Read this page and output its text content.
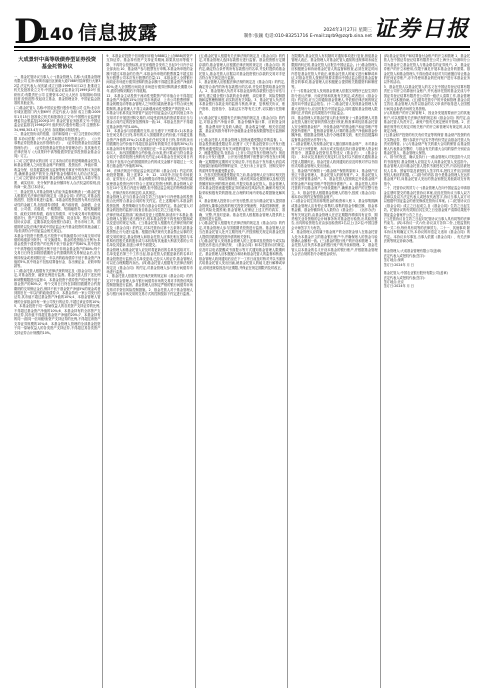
D
140 信息披露	2024年3月27日 星期三
制作:张颖 电话:010-83251716 E-mail:zqrb9@zqrb.sina.net 证券日报
大成景轩中高等级债券型证券投资基金托管协议

一、基金托管协议当事人 (一)基金管理人 名称:大成基金管理有限公司 住所:深圳市福田区深南大道7088号招商银行大厦32层 法定代表人:吴庆斌 成立日期:1999年4月12日 批准设立机关及批准设立文号:中国证监会证监基金字[1999]10号 组织形式:有限责任公司 注册资本:2亿元人民币 存续期间:持续经营 经营范围:发起设立基金、基金管理业务、中国证监会批准的其他业务。

(二)基金托管人 名称:中国农业银行股份有限公司 住所:北京市东城区建国门内大街69号 法定代表人:谷澍 成立日期:2009年1月15日 批准设立机关和批准设立文号:中国银行业监督管理委员会银监复[2009]13号 基金托管业务批准文号:中国证监会证监基字[1998]23号 组织形式:股份有限公司 注册资本:34,998,303.4万元人民币 存续期间:持续经营。

二、基金托管协议的依据、目的和原则 (一)订立托管协议的依据 本协议依据《中华人民共和国证券投资基金法》、《公开募集证券投资基金运作管理办法》、《证券投资基金信息披露管理办法》、《证券投资基金托管业务管理办法》及其他有关法律法规与《大成景轩中高等级债券型证券投资基金基金合同》订立。

(二)订立托管协议的目的 订立本协议的目的是明确基金托管人和基金管理人之间在基金财产的保管、投资运作、净值计算、收益分配、信息披露及相互监督等相关事宜中的权利义务及职责,确保基金财产的安全,保护基金份额持有人的合法权益。(三)订立托管协议的原则 基金管理人和基金托管人本着平等自愿、诚实信用、充分保护基金份额持有人合法权益的原则,经协商一致,签订本协议。

三、基金托管人对基金管理人的业务监督和核查 (一)基金托管人根据有关法律法规的规定及《基金合同》的约定,对基金投资范围、投资对象进行监督。本基金的投资范围为具有良好流动性的金融工具,包括债券(国债、地方政府债、金融债、企业债、公司债、次级债、中期票据、短期融资券、超短期融资券、政府支持机构债、政府支持债券、可分离交易可转债的纯债部分)、资产支持证券、债券回购、同业存单、银行存款(包括协议存款、定期存款及其他银行存款)、货币市场工具、国债期货以及法律法规或中国证监会允许基金投资的其他金融工具(但须符合中国证监会相关规定)。

本基金不投资于股票,也不投资于可转换债券(可分离交易可转债的纯债部分除外)、可交换债券。基金的投资组合比例为:本基金投资于债券资产的比例不低于基金资产的80%,其中投资于中高等级信用债的比例不低于非现金基金资产的80%;每个交易日日终在扣除国债期货合约需缴纳的交易保证金后,应当保持现金或者到期日在一年以内的政府债券不低于基金资产净值的5%,其中现金不包括结算备付金、存出保证金、应收申购款等。

(二)基金托管人根据有关法律法规的规定及《基金合同》的约定,对基金投资、融资比例进行监督。基金托管人按下述比例和调整期限进行监督:1、本基金投资于债券资产的比例不低于基金资产的80%;2、每个交易日日终在扣除国债期货合约需缴纳的交易保证金后,保持不低于基金资产净值5%的现金或者到期日在一年以内的政府债券;3、本基金持有一家公司发行的证券,其市值不超过基金资产净值的10%;4、本基金管理人管理的全部基金持有一家公司发行的证券,不超过该证券的10%;5、本基金投资于同一原始权益人的各类资产支持证券的比例,不得超过基金资产净值的10%;6、本基金持有的全部资产支持证券,其市值不得超过基金资产净值的20%;7、本基金持有的同一(指同一信用级别)资产支持证券的比例,不得超过该资产支持证券规模的10%;8、本基金管理人管理的全部基金投资于同一原始权益人的各类资产支持证券,不得超过其各类资产支持证券合计规模的10%。

9、本基金应投资于信用级别评级为BBB以上(含BBB)的资产支持证券。基金持有资产支持证券期间,如果其信用等级下降、不再符合投资标准,应在评级报告发布之日起3个月内予以全部卖出;10、基金财产参与股票发行申购,本基金所申报的金额不超过本基金的总资产,本基金所申报的股票数量不超过拟发行股票公司本次发行股票的总量;11、本基金进入全国银行间同业市场进行债券回购的资金余额不得超过基金资产净值的40%;进入全国银行间同业市场进行债券回购的最长期限为1年,债券回购到期后不得展期。

12、本基金主动投资于流动性受限资产的市值合计不得超过基金资产净值的15%;因证券市场波动、上市公司股票停牌、基金规模变动等基金管理人之外的因素致使基金不符合该比例限制的,基金管理人不得主动新增流动性受限资产的投资;13、本基金与私募类证券资管产品及中国证监会认定的其他主体为交易对手开展逆回购交易的,可接受质押品的资质要求应当与基金合同约定的投资范围保持一致;14、本基金总资产不得超过基金净资产的140%。

15、本基金参与国债期货交易,应当遵守下列要求:(1)本基金在任何交易日日终,持有的买入国债期货合约价值,不得超过基金资产净值的15%;(2)本基金在任何交易日日终,持有的卖出国债期货合约价值不得超过基金持有的债券总市值的30%;(3)本基金所持有的债券(不含到期日在一年以内的政府债券)市值和买入、卖出国债期货合约价值,合计(轧差计算)应当符合基金合同关于债券投资比例的有关约定;(4)本基金在任何交易日内交易(不包括平仓)的国债期货合约的成交金额不得超过上一交易日基金资产净值的30%。

16、法律法规及中国证监会规定的和《基金合同》约定的其他投资限制。除上述第2、9、12、13项外,因证券市场波动、证券发行人合并、基金规模变动等基金管理人之外的因素致使基金投资比例不符合上述规定投资比例的,基金管理人应当在10个交易日内进行调整,但中国证监会规定的特殊情形除外。法律法规另有规定的,从其规定。

基金管理人应当自基金合同生效之日起6个月内使基金的投资组合比例符合基金合同的有关约定。在上述期间内,本基金的投资范围、投资策略应当符合基金合同的约定。基金托管人对基金的投资的监督与检查自基金合同生效之日起开始。

法律法规或监管部门取消或变更上述限制,如适用于本基金,基金管理人在履行适当程序后,则本基金投资不再受相关限制或以变更后的规定为准。(三)基金托管人根据有关法律法规的规定及《基金合同》的约定,对本托管协议第十五条第九款基金投资禁止行为进行监督。根据法律法规有关基金禁止从事的关联交易的规定,基金管理人和基金托管人应事先相互提供与本机构有控股关系的股东或与本机构有其他重大利害关系的公司名单及其更新,加盖公章并书面提交。

基金管理人和基金托管人应及时将更新后的名单发送给对方。名单变更后第三个工作日起,基金托管人依据更新后的名单对基金投资进行监督;在名单变更前,已经买入的证券,基金管理人可以在合理期限内卖出。(四)基金托管人根据有关法律法规的规定及《基金合同》的约定,对基金管理人参与银行间债券市场进行监督。

1、基金托管人依据有关法律法规的规定和《基金合同》的约定对于基金管理人参与银行间债券市场的交易对手的资信风险控制措施进行监督。基金管理人应制定严格的银行间债券市场交易对手资信风险控制措施。2、基金托管人对于基金管理人参与银行间市场交易的交易方式的控制按如下约定进行监督。

(五)基金托管人根据有关法律法规的规定及《基金合同》的约定,对基金管理人选择存款银行进行监督。基金投资银行定期存款的,基金管理人应根据法律法规的规定及《基金合同》的约定,确定符合条件的所有存款银行的名单,并及时提供给基金托管人,基金托管人应据以对基金投资银行存款的交易对手是否符合有关规定进行监督。

1、基金管理人应根据法律法规的规定及《基金合同》的约定,确定符合条件的所有存款银行的名单,并及时提供给基金托管人。2、基金管理人负责对本基金选择的存款银行进行评估与研究,建立健全银行存款的业务流程、岗位职责、风险控制措施和监察稽核制度,切实防范有关风险。3、基金托管人负责对本基金银行存款业务的监督与核查,审查、复核相关协议、账户资料、投资指令、存款证实书等有关文件,切实履行托管职责。

(六)基金托管人根据有关法律法规的规定及《基金合同》的约定,对基金资产净值计算、基金份额净值计算、应收资金到账、基金费用开支及收入确定、基金收益分配、相关信息披露、基金宣传推介材料中登载基金业绩表现数据等进行监督和核查。

(七)基金托管人对基金管理人投资流通受限证券的监督。1、基金投资流通受限证券,应遵守《关于基金投资非公开发行股票等流通受限证券有关问题的通知》等有关法律法规规定。2、流通受限证券,包括由《上市公司证券发行管理办法》规范的非公开发行股票、公开发行股票网下配售部分等在发行时明确一定期限锁定期的可交易证券,不包括由于发布重大消息或其他原因而临时停牌的证券、已发行未上市证券、回购交易中的质押券等流通受限证券。

3、在首次投资流通受限证券之前,基金管理人应当制订相关投资决策流程、风险控制制度、流动性风险处置预案以及相关投资额度和比例的情况说明,并提交给基金托管人。基金管理人对本基金投资流通受限证券的流动性风险负责,确保对相关风险采取积极有效的措施,在合理的时间内采取必要措施化解风险。

4、基金管理人投资非公开发行股票,应当向基金托管人提供基金管理人董事会批准的相关投资决策流程、风险控制制度、流动性风险处置预案;基金管理人应保证上述文件的真实、准确、完整,并及时更新。基金托管人根据基金管理人提供的上述资料进行监督。

(八)基金托管人根据有关法律法规的规定及《基金合同》的约定,对基金管理人参与国债期货投资进行监督。基金管理人应当在基金托管人处开立期货账户,并按照相关规定向基金托管人提供国债期货投资所需的相关资料。

(九)基金托管人发现基金管理人的上述事项及投资指令或实际投资运作违反法律法规、《基金合同》和本托管协议的规定,应及时以电话提醒或书面提示等方式通知基金管理人限期纠正。基金管理人应积极配合和协助基金托管人的监督和核查。基金管理人收到通知后应在下一工作日前及时核对并以书面形式给基金托管人发出回函,就基金托管人的疑义进行解释或举证,说明违规原因及纠正期限,并保证在规定期限内及时改正。

在限期内,基金托管人有权随时对通知事项进行复查,督促基金管理人改正。基金管理人对基金托管人通知的违规事项未能在限期内纠正的,基金托管人应报告中国证监会。(十)基金管理人应积极配合和协助基金托管人的监督和核查,必须在规定时间内答复基金托管人并改正,就基金托管人的疑义进行解释或举证,对基金托管人按照法规要求需向中国证监会报送基金监督报告的事项,基金管理人应积极配合提供相关数据资料和制度等。

(十一)若基金托管人发现基金管理人依据交易程序已经生效的指令违反法律、行政法规和其他有关规定,或者违反《基金合同》约定的,应当立即通知基金管理人,并依照法律法规的规定及时向中国证监会报告。(十二)基金托管人发现基金管理人有重大违规行为,应及时报告中国证监会,同时通知基金管理人限期纠正,并将纠正结果报告中国证监会。

四、基金管理人对基金托管人的业务核查 (一)基金管理人对基金托管人履行托管职责情况进行核查,核查事项包括基金托管人安全保管基金财产、开设基金财产的资金账户和证券账户等投资所需账户、复核基金管理人计算的基金资产净值和基金份额净值、根据基金管理人指令办理清算交收、相关信息披露和监督基金投资运作等行为。

(二)基金管理人发现基金托管人擅自挪用基金财产、未对基金财产实行分账管理、未执行或无故延迟执行基金管理人资金划拨指令、泄露基金投资信息等违反《基金法》、《基金合同》、本协议及其他有关规定时,应及时以书面形式通知基金托管人限期纠正。基金托管人收到通知后应及时核对并以书面形式给基金管理人发出回函。

五、基金财产的保管 (一)基金财产保管的原则 1、基金财产应独立于基金管理人、基金托管人的固有财产。2、基金托管人应安全保管基金财产。3、基金托管人按照规定开设基金财产的资金账户和证券账户等投资所需账户。4、基金托管人对所托管的不同基金财产分别设置账户,确保基金财产的完整与独立。5、基金托管人根据基金管理人的指令,按照《基金合同》和本协议的约定保管基金财产。

(二)基金合同生效前募集资金的验资和入账 1、基金募集期满或基金管理人宣布停止募集时,募集的基金份额总额、基金募集金额、基金份额持有人人数符合《基金法》、《运作办法》等有关规定的,由基金管理人在法定期限内聘请具有证券、期货相关业务资格的会计师事务所对基金进行验资,出具验资报告,出具的验资报告应由参加验资的2名以上(含2名)中国注册会计师签字方为有效。

2、基金管理人应将属于基金财产的全部资金划入在基金托管人处为本基金开立的基金银行账户中,并确保划入的资金与验资确认金额相一致。(三)基金的银行账户的开设和管理 1、基金托管人应负责本基金的银行账户的开设和管理。2、基金托管人以本基金的名义开设本基金的银行账户,并根据基金管理人合法合规的指令办理资金收付。

(四)基金证券账户和结算备付金账户的开立和管理 1、基金托管人在中国证券登记结算有限责任公司上海分公司/深圳分公司为基金开立基金托管人与基金联名的证券账户。2、基金证券账户的开立和使用,仅限于满足开展本基金业务的需要。基金托管人和基金管理人不得出借或未经对方同意擅自转让基金的任何证券账户,亦不得使用基金的任何账户进行本基金业务以外的活动。

3、基金托管人以基金托管人的名义在中国证券登记结算有限责任公司开立结算备付金账户,并代表所托管的基金完成与中国证券登记结算有限责任公司的一级法人清算工作,基金管理人应予以积极协助。(五)债券托管专户的开设和管理 基金合同生效后,基金管理人负责以基金的名义申请并取得进入全国银行间同业拆借市场的交易资格。

(六)其他账户的开立和管理 1、因业务发展需要而开立的其他账户,可以根据有关法律法规的规定和《基金合同》的约定,由基金托管人负责开立。新账户按有关规定使用并管理。2、法律法规等有关规定对相关账户的开立和管理另有规定的,从其规定办理。

(七)基金财产投资的有关有价凭证等的保管 基金财产投资的有关实物证券、银行存款开户证实书等有价凭证由基金托管人负责妥善保管。(八)与基金财产有关的重大合同的保管 由基金管理人代表基金签署的、与基金有关的重大合同的原件分别应由基金托管人、基金管理人保管。

六、指令的发送、确认及执行 (一)基金管理人对发送指令人员的书面授权 基金管理人应指定专人向基金托管人发送指令。基金管理人应向基金托管人提供书面授权文件,内容包括被授权人名单、预留印鉴及被授权人签字样本,授权文件应注明被授权人相应的权限。(二)指令的内容 指令是基金管理人在运作基金财产时,向基金托管人发出的资金划拨及其他款项支付的指令。

二十、托管协议的效力 (一)基金管理人在向中国证监会申请基金注册时提交的基金托管协议草案,应经托管协议当事人双方盖章以及双方法定代表人或授权代表签字,协议当事人双方可以根据中国证监会的意见修改托管协议草案。(二)托管协议自《基金合同》成立之日起成立,自《基金合同》生效之日起生效。托管协议的有效期自其生效之日至基金财产清算结果报中国证监会备案并公告之日止。

(三)托管协议自生效之日起对托管协议当事人具有同等的法律约束力。(四)本协议一式六份,协议双方各持二份,上报监管机构一式二份,每份具有同等的法律效力。二十一、其他事项 除本协议有明确定义外,本协议的用语定义适用《基金合同》的约定。本协议未尽事宜,当事人依据《基金合同》、有关法律法规等规定协商办理。

基金管理人:大成基金管理有限公司(盖章)
法定代表人或授权代表(签字):
签订地点:深圳
签订日:2024年 月 日
基金托管人:中国农业银行股份有限公司(盖章)
法定代表人或授权代表(签字):
签订地点:北京
签订日:2024年 月 日
